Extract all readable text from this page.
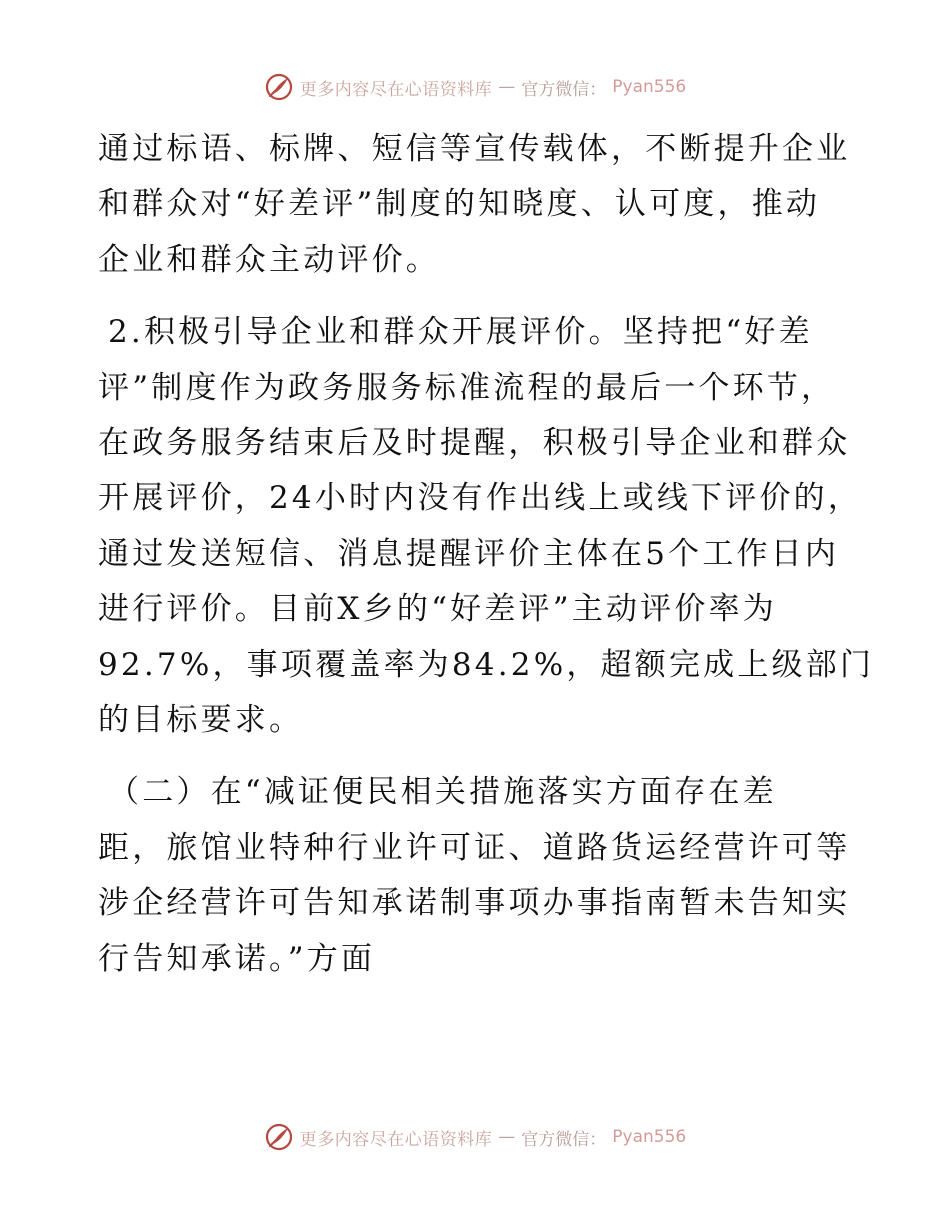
更多内容尽在心语资料库 — 官方微信： Pyan556

通过标语、标牌、短信等宣传载体，不断提升企业
和群众对“好差评”制度的知晓度、认可度，推动
企业和群众主动评价。

2.积极引导企业和群众开展评价。坚持把“好差
评”制度作为政务服务标准流程的最后一个环节，
在政务服务结束后及时提醒，积极引导企业和群众
开展评价，24小时内没有作出线上或线下评价的，
通过发送短信、消息提醒评价主体在5个工作日内
进行评价。目前X乡的“好差评”主动评价率为
92.7%，事项覆盖率为84.2%，超额完成上级部门
的目标要求。

（二）在“减证便民相关措施落实方面存在差
距，旅馆业特种行业许可证、道路货运经营许可等
涉企经营许可告知承诺制事项办事指南暂未告知实
行告知承诺。”方面

更多内容尽在心语资料库 — 官方微信： Pyan556
